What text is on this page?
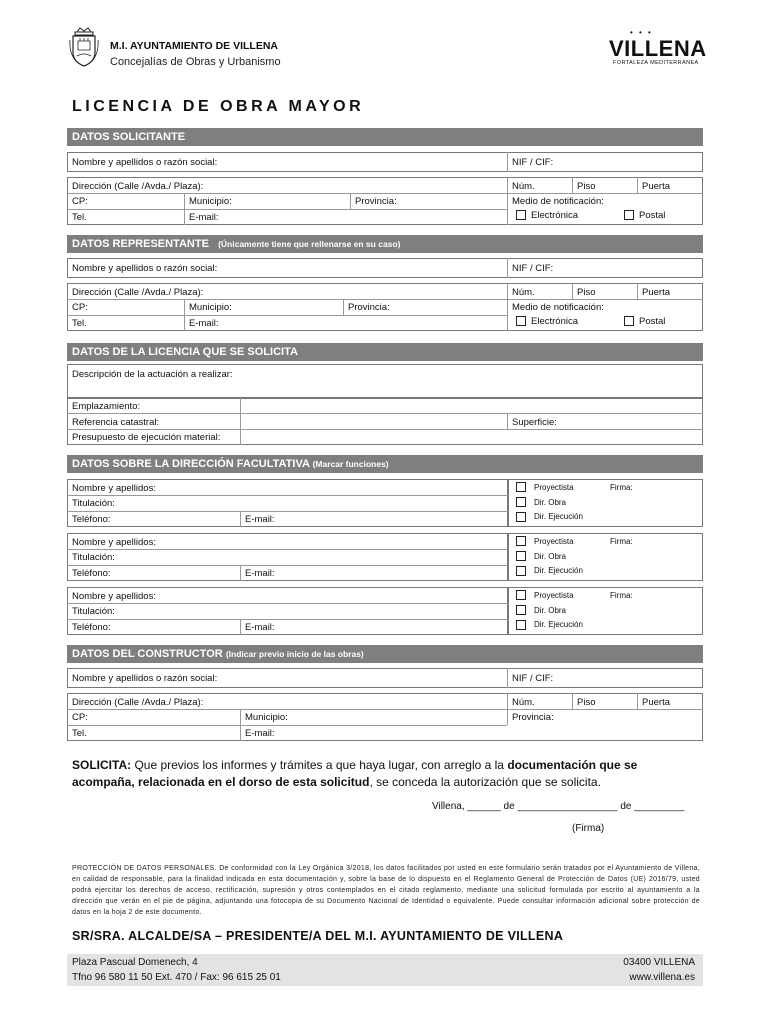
M.I. AYUNTAMIENTO DE VILLENA
Concejalías de Obras y Urbanismo
• • •
VILLENA
FORTALEZA MEDITERRÁNEA
LICENCIA DE OBRA MAYOR
DATOS SOLICITANTE
Nombre y apellidos o razón social:	NIF / CIF:
Dirección (Calle /Avda./ Plaza):	Núm.	Piso	Puerta
CP:	Municipio:	Provincia:	Medio de notificación:
Tel.	E-mail:	Electrónica	Postal
DATOS REPRESENTANTE (Únicamente tiene que rellenarse en su caso)
Nombre y apellidos o razón social:	NIF / CIF:
Dirección (Calle /Avda./ Plaza):	Núm.	Piso	Puerta
CP:	Municipio:	Provincia:	Medio de notificación:
Tel.	E-mail:	Electrónica	Postal
DATOS DE LA LICENCIA QUE SE SOLICITA
Descripción de la actuación a realizar:
Emplazamiento:
Referencia catastral:	Superficie:
Presupuesto de ejecución material:
DATOS SOBRE LA DIRECCIÓN FACULTATIVA (Marcar funciones)
Nombre y apellidos:
Titulación:
Teléfono:	E-mail:
Proyectista	Firma:
Dir. Obra
Dir. Ejecución
Nombre y apellidos:
Titulación:
Teléfono:	E-mail:
Proyectista	Firma:
Dir. Obra
Dir. Ejecución
Nombre y apellidos:
Titulación:
Teléfono:	E-mail:
Proyectista	Firma:
Dir. Obra
Dir. Ejecución
DATOS DEL CONSTRUCTOR (Indicar previo inicio de las obras)
Nombre y apellidos o razón social:	NIF / CIF:
Dirección (Calle /Avda./ Plaza):	Núm.	Piso	Puerta
CP:	Municipio:	Provincia:
Tel.	E-mail:
SOLICITA: Que previos los informes y trámites a que haya lugar, con arreglo a la documentación que se acompaña, relacionada en el dorso de esta solicitud, se conceda la autorización que se solicita.
Villena, ______ de __________________ de _________
(Firma)
PROTECCIÓN DE DATOS PERSONALES. De conformidad con la Ley Orgánica 3/2018, los datos facilitados por usted en este formulario serán tratados por el Ayuntamiento de Villena, en calidad de responsable, para la finalidad indicada en esta documentación y, sobre la base de lo dispuesto en el Reglamento General de Protección de Datos (UE) 2016/79, usted podrá ejercitar los derechos de acceso, rectificación, supresión y otros contemplados en el citado reglamento, mediante una solicitud formulada por escrito al ayuntamiento a la dirección que verán en el pie de página, adjuntando una fotocopia de su Documento Nacional de Identidad o equivalente. Puede consultar información adicional sobre protección de datos en la hoja 2 de este documento.
SR/SRA. ALCALDE/SA – PRESIDENTE/A DEL M.I. AYUNTAMIENTO DE VILLENA
Plaza Pascual Domenech, 4
Tfno 96 580 11 50 Ext. 470 / Fax: 96 615 25 01
03400 VILLENA
www.villena.es
